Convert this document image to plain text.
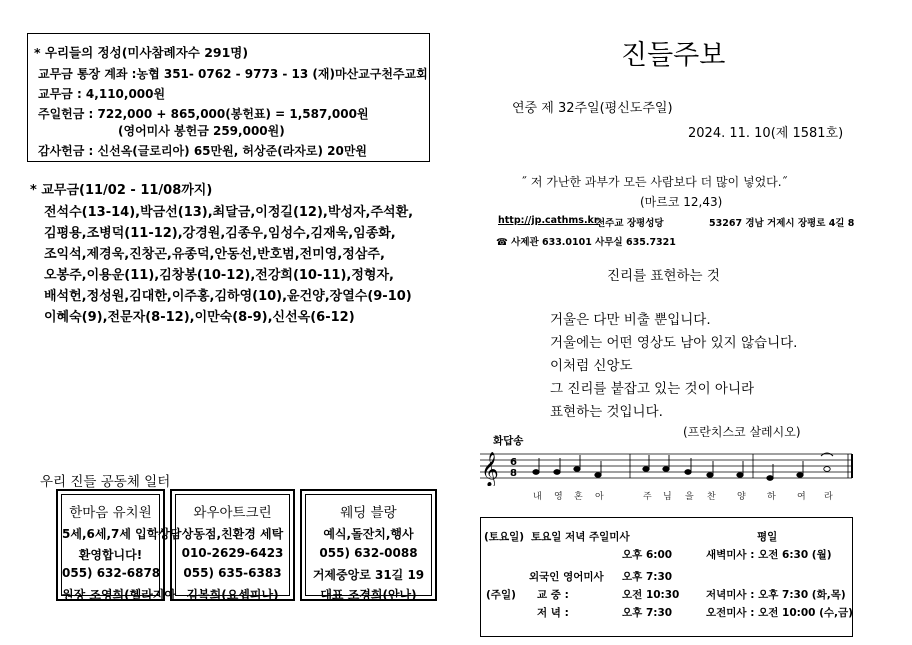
* 우리들의 정성(미사참례자수 291명)
교무금 통장 계좌 :농협 351- 0762 - 9773 - 13 (재)마산교구천주교회
교무금 : 4,110,000원
주일헌금 : 722,000 + 865,000(봉헌표) = 1,587,000원
(영어미사 봉헌금 259,000원)
감사헌금 : 신선옥(글로리아) 65만원, 허상준(라자로) 20만원
* 교무금(11/02 - 11/08까지)
전석수(13-14),박금선(13),최달금,이정길(12),박성자,주석환,
김평용,조병덕(11-12),강경원,김종우,임성수,김재욱,임종화,
조익석,제경욱,진창곤,유종덕,안동선,반호범,전미영,정삼주,
오봉주,이용운(11),김창봉(10-12),전강희(10-11),정형자,
배석헌,정성원,김대한,이주홍,김하영(10),윤건양,장열수(9-10)
이혜숙(9),전문자(8-12),이만숙(8-9),신선옥(6-12)
우리 진들 공동체 일터
한마음 유치원
5세,6세,7세 입학상담
환영합니다!
055) 632-6878
원장 조영희(헬라지아
와우아트크린
상동점,친환경 세탁
010-2629-6423
055) 635-6383
김복희(요셉피나)
웨딩 블랑
예식,돌잔치,행사
055) 632-0088
거제중앙로 31길 19
대표 조경희(안나)
진들주보
연중 제 32주일(평신도주일)
2024. 11. 10(제 1581호)
˝ 저 가난한 과부가 모든 사람보다 더 많이 넣었다.˝
(마르코 12,43)
http://jp.cathms.kr
천주교 장평성당	53267 경남 거제시 장평로 4길 8
☎ 사제관 633.0101 사무실 635.7321
진리를 표현하는 것
거울은 다만 비출 뿐입니다.
거울에는 어떤 영상도 남아 있지 않습니다.
이처럼 신앙도
그 진리를 붙잡고 있는 것이 아니라
표현하는 것입니다.
(프란치스코 살레시오)
화답송
𝄞 6
8
내 영 혼 아	주 님 을 찬 양 하 여 라
(토요일) 토요일 저녁 주일미사	평일
오후 6:00	새벽미사 : 오전 6:30 (월)
외국인 영어미사 오후 7:30
(주일) 교 중 :	오전 10:30	저녁미사 : 오후 7:30 (화,목)
저 녁 :	오후 7:30	오전미사 : 오전 10:00 (수,금)
